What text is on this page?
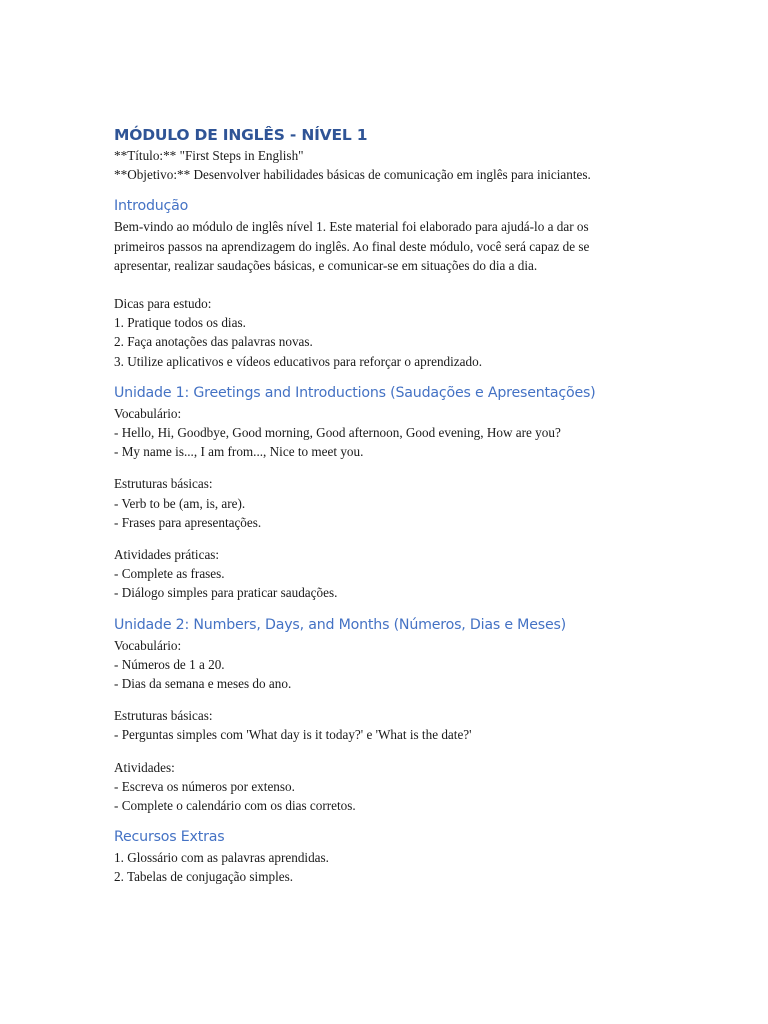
MÓDULO DE INGLÊS - NÍVEL 1

**Título:** "First Steps in English"

**Objetivo:** Desenvolver habilidades básicas de comunicação em inglês para iniciantes.

Introdução

Bem-vindo ao módulo de inglês nível 1. Este material foi elaborado para ajudá-lo a dar os

primeiros passos na aprendizagem do inglês. Ao final deste módulo, você será capaz de se

apresentar, realizar saudações básicas, e comunicar-se em situações do dia a dia.

Dicas para estudo:

1. Pratique todos os dias.

2. Faça anotações das palavras novas.

3. Utilize aplicativos e vídeos educativos para reforçar o aprendizado.

Unidade 1: Greetings and Introductions (Saudações e Apresentações)

Vocabulário:

- Hello, Hi, Goodbye, Good morning, Good afternoon, Good evening, How are you?

- My name is..., I am from..., Nice to meet you.

Estruturas básicas:

- Verb to be (am, is, are).

- Frases para apresentações.

Atividades práticas:

- Complete as frases.

- Diálogo simples para praticar saudações.

Unidade 2: Numbers, Days, and Months (Números, Dias e Meses)

Vocabulário:

- Números de 1 a 20.

- Dias da semana e meses do ano.

Estruturas básicas:

- Perguntas simples com 'What day is it today?' e 'What is the date?'

Atividades:

- Escreva os números por extenso.

- Complete o calendário com os dias corretos.

Recursos Extras

1. Glossário com as palavras aprendidas.

2. Tabelas de conjugação simples.
